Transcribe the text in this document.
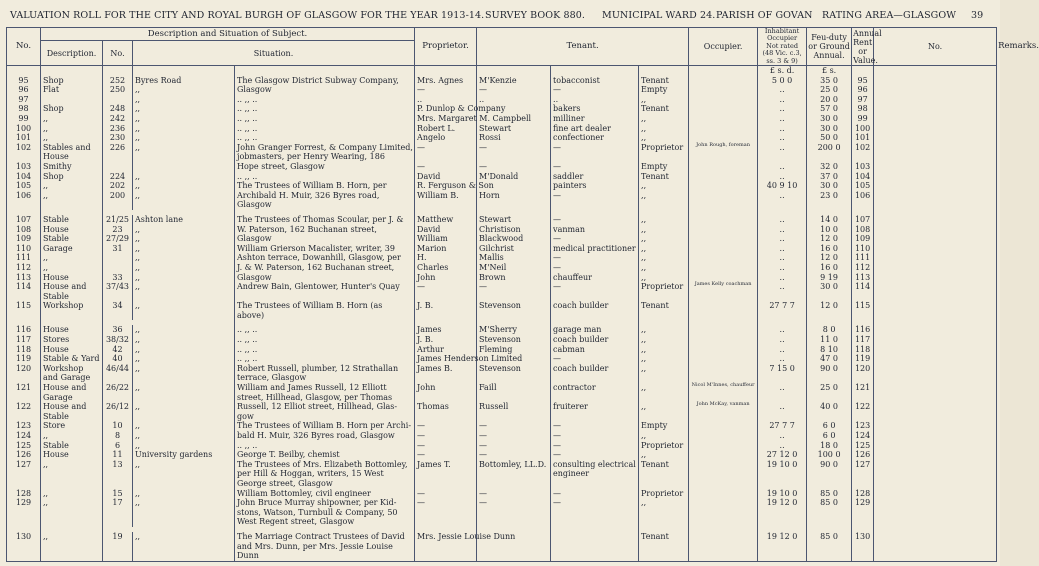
VALUATION ROLL FOR THE CITY AND ROYAL BURGH OF GLASGOW FOR THE YEAR 1913-14. SURVEY BOOK 880. MUNICIPAL WARD 24. PARISH OF GOVAN RATING AREA—GLASGOW 39
No.	Description and Situation of Subject.				Proprietor.	Tenant.			Occupier.	Inhabitant Occupier
Not rated
(48 Vic. c.3, ss. 3 & 9)	Feu-duty
or Ground
Annual.	Annual
Rent or
Value.	No.	Remarks.
	Description.	No.	Situation.											
										£ s. d.	£ s.			
95	Shop	252	Byres Road	The Glasgow District Subway Company,	Mrs. Agnes	M'Kenzie	tobacconist	Tenant		5 0 0	35 0	95		
96	Flat	250	,,	Glasgow	—	—	—	Empty		..	25 0	96		
97			,,	.. ,, ..	..	..	..	,,		..	20 0	97		
98	Shop	248	,,	.. ,, ..	P. Dunlop & Company		bakers	Tenant		..	57 0	98		
99	,,	242	,,	.. ,, ..	Mrs. Margaret M. Campbell		milliner	,,		..	30 0	99		
100	,,	236	,,	.. ,, ..	Robert L.	Stewart	fine art dealer	,,		..	30 0	100		
101	,,	230	,,	.. ,, ..	Angelo	Rossi	confectioner	,,		..	50 0	101		
102	Stables and	226	,,	John Granger Forrest, & Company Limited,	—	—	—	Proprietor	John Rough, foreman	..	200 0	102		
	House			jobmasters, per Henry Wearing, 186										
103	Smithy			Hope street, Glasgow	—	—	—	Empty		..	32 0	103		
104	Shop	224	,,	.. ,, ..	David	M'Donald	saddler	Tenant		..	37 0	104		
105	,,	202	,,	The Trustees of William B. Horn, per	R. Ferguson & Son		painters	,,		40 9 10	30 0	105		
106	,,	200	,,	Archibald H. Muir, 326 Byres road,	William B.	Horn	—	,,		..	23 0	106		
				Glasgow										

107	Stable	21/25	Ashton lane	The Trustees of Thomas Scoular, per J. &	Matthew	Stewart	—	,,		..	14 0	107		
108	House	23	,,	W. Paterson, 162 Buchanan street,	David	Christison	vanman	,,		..	10 0	108		
109	Stable	27/29	,,	Glasgow	William	Blackwood	—	,,		..	12 0	109		
110	Garage	31	,,	William Grierson Macalister, writer, 39	Marion	Gilchrist	medical practitioner	,,		..	16 0	110		
111	,,		,,	Ashton terrace, Dowanhill, Glasgow, per	H.	Mallis	—	,,		..	12 0	111		
112	,,		,,	J. & W. Paterson, 162 Buchanan street,	Charles	M'Neil	—	,,		..	16 0	112		
113	House	33	,,	Glasgow	John	Brown	chauffeur	,,		..	9 19	113		
114	House and	37/43	,,	Andrew Bain, Glentower, Hunter's Quay	—	—	—	Proprietor	James Kelly coachman	..	30 0	114		
	Stable													
115	Workshop	34	,,	The Trustees of William B. Horn (as	J. B.	Stevenson	coach builder	Tenant		27 7 7	12 0	115		
				above)										

116	House	36	,,	.. ,, ..	James	M'Sherry	garage man	,,		..	8 0	116		
117	Stores	38/32	,,	.. ,, ..	J. B.	Stevenson	coach builder	,,		..	11 0	117		
118	House	42	,,	.. ,, ..	Arthur	Fleming	cabman	,,		..	8 10	118		
119	Stable & Yard	40	,,	.. ,, ..	James Henderson Limited		—	,,		..	47 0	119		
120	Workshop	46/44	,,	Robert Russell, plumber, 12 Strathallan	James B.	Stevenson	coach builder	,,		7 15 0	90 0	120		
	and Garage			terrace, Glasgow										
121	House and	26/22	,,	William and James Russell, 12 Elliott	John	Faill	contractor	,,	Nicol M'Innes, chauffeur	..	25 0	121		
	Garage			street, Hillhead, Glasgow, per Thomas										
122	House and	26/12	,,	Russell, 12 Elliot street, Hillhead, Glas-	Thomas	Russell	fruiterer	,,	John McKay, vanman	..	40 0	122		
	Stable			gow										
123	Store	10	,,	The Trustees of William B. Horn per Archi-	—	—	—	Empty		27 7 7	6 0	123		
124	,,	8	,,	bald H. Muir, 326 Byres road, Glasgow	—	—	—	,,		..	6 0	124		
125	Stable	6	,,	.. ,, ..	—	—	—	Proprietor		..	18 0	125		
126	House	11	University gardens	George T. Beilby, chemist	—	—	—	,,		27 12 0	100 0	126		
127	,,	13	,,	The Trustees of Mrs. Elizabeth Bottomley,	James T.	Bottomley, LL.D.	consulting electrical	Tenant		19 10 0	90 0	127		
				per Hill & Hoggan, writers, 15 West			engineer							
				George street, Glasgow										
128	,,	15	,,	William Bottomley, civil engineer	—	—	—	Proprietor		19 10 0	85 0	128		
129	,,	17	,,	John Bruce Murray shipowner, per Kid-	—	—	—	,,		19 12 0	85 0	129		
				stons, Watson, Turnbull & Company, 50										
				West Regent street, Glasgow										

130	,,	19	,,	The Marriage Contract Trustees of David	Mrs. Jessie Louise Dunn			Tenant		19 12 0	85 0	130		
				and Mrs. Dunn, per Mrs. Jessie Louise										
				Dunn										
